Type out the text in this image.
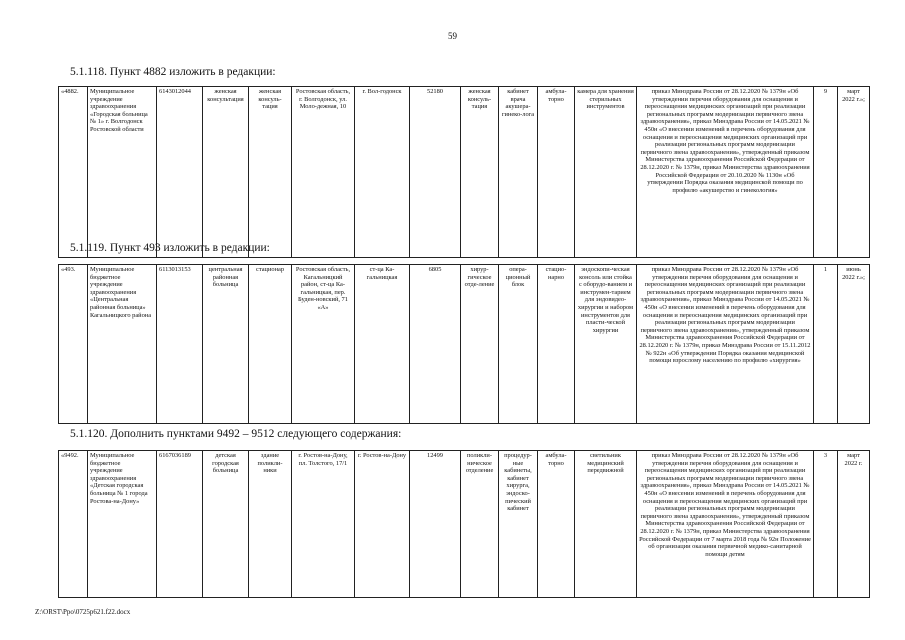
59
5.1.118. Пункт 4882 изложить в редакции:
«4882.	Муниципальное учреждение здравоохранения «Городская больница № 1» г. Волгодонск Ростовской области	6143012044	женская консультация	женская консуль-тация	Ростовская область, г. Волгодонск, ул. Моло-дежная, 10	г. Вол-годонск	52180	женская консуль-тация	кабинет врача акушера-гинеко-лога	амбула-торно	камера для хранения стерильных инструментов	приказ Минздрава России от 28.12.2020 № 1379н «Об утверждении перечня оборудования для оснащения и переоснащения медицинских организаций при реализации региональных программ модернизации первичного звена здравоохранения», приказ Минздрава России от 14.05.2021 № 450н «О внесении изменений в перечень оборудования для оснащения и переоснащения медицинских организаций при реализации региональных программ модернизации первичного звена здравоохранения», утвержденный приказом Министерства здравоохранения Российской Федерации от 28.12.2020 г. № 1379н, приказ Министерства здравоохранения Российской Федерации от 20.10.2020 № 1130н «Об утверждении Порядка оказания медицинской помощи по профилю «акушерство и гинекология»	9	март 2022 г.»;
5.1.119. Пункт 493 изложить в редакции:
«493.	Муниципальное бюджетное учреждение здравоохранения «Центральная районная больница» Кагальницкого района	6113013153	центральная районная больница	стационар	Ростовская область, Кагальницкий район, ст-ца Ка-гальницкая, пер. Буден-новский, 71 «А»	ст-ца Ка-гальницкая	6805	хирур-гическое отде-ление	опера-ционный блок	стацио-нарно	эндоскопи-ческая консоль или стойка с оборудо-ванием и инструмен-тарием для эндовидео-хирургии и набором инструментов для пласти-ческой хирургии	приказ Минздрава России от 28.12.2020 № 1379н «Об утверждении перечня оборудования для оснащения и переоснащения медицинских организаций при реализации региональных программ модернизации первичного звена здравоохранения», приказ Минздрава России от 14.05.2021 № 450н «О внесении изменений в перечень оборудования для оснащения и переоснащения медицинских организаций при реализации региональных программ модернизации первичного звена здравоохранения», утвержденный приказом Министерства здравоохранения Российской Федерации от 28.12.2020 г. № 1379н, приказ Минздрава России от 15.11.2012 № 922н «Об утверждении Порядка оказания медицинской помощи взрослому населению по профилю «хирургия»	1	июнь 2022 г.»;
5.1.120. Дополнить пунктами 9492 – 9512 следующего содержания:
«9492.	Муниципальное бюджетное учреждение здравоохранения «Детская городская больница № 1 города Ростова-на-Дону»	6167036189	детская городская больница	здание поликли-ники	г. Ростов-на-Дону, пл. Толстого, 17/1	г. Ростов-на-Дону	12499	поликли-ническое отделение	процедур-ные кабинеты, кабинет хирурга, эндоско-пический кабинет	амбула-торно	светильник медицинский передвижной	приказ Минздрава России от 28.12.2020 № 1379н «Об утверждении перечня оборудования для оснащения и переоснащения медицинских организаций при реализации региональных программ модернизации первичного звена здравоохранения», приказ Минздрава России от 14.05.2021 № 450н «О внесении изменений в перечень оборудования для оснащения и переоснащения медицинских организаций при реализации региональных программ модернизации первичного звена здравоохранения», утвержденный приказом Министерства здравоохранения Российской Федерации от 28.12.2020 г. № 1379н, приказ Министерства здравоохранения Российской Федерации от 7 марта 2018 года № 92н Положение об организации оказания первичной медико-санитарной помощи детям	3	март 2022 г.
Z:\ORST\Ppo\0725p621.f22.docx
